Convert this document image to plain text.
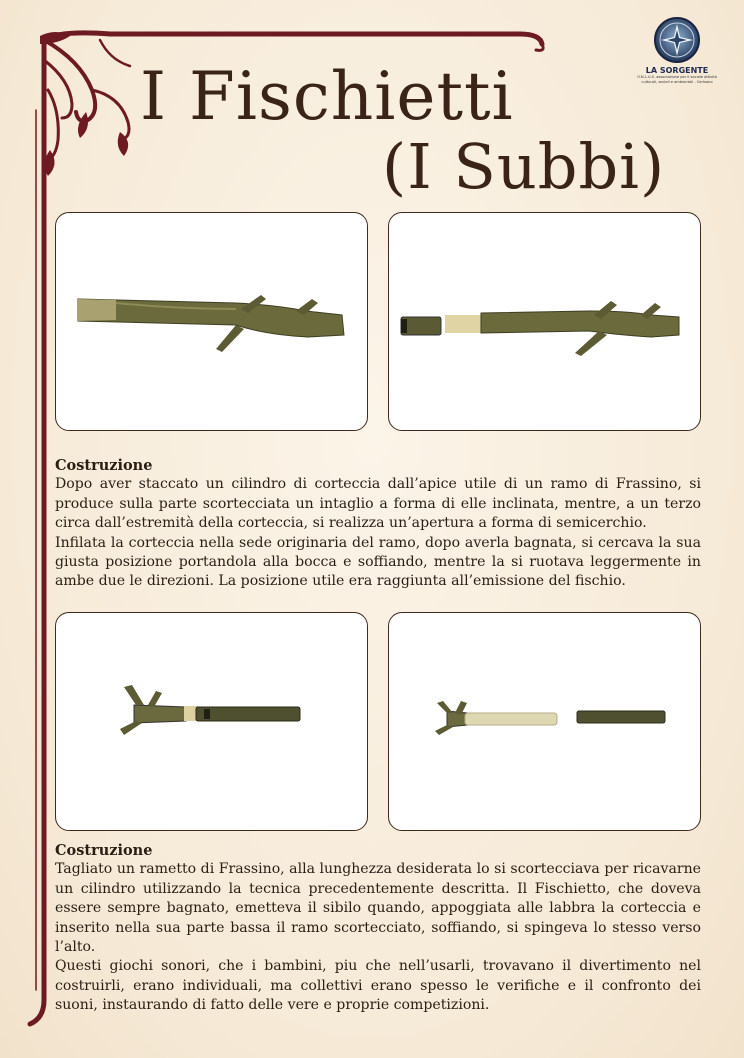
I Fischietti
(I Subbi)
LA SORGENTE
O.N.L.U.S. associazione per il sociale attività culturali, sociali e ambientali - Cerisano
Costruzione

Dopo aver staccato un cilindro di corteccia dall’apice utile di un ramo di Frassino, si produce sulla parte scortecciata un intaglio a forma di elle inclinata, mentre, a un terzo circa dall’estremità della corteccia, si realizza un’apertura a forma di semicerchio.

Infilata la corteccia nella sede originaria del ramo, dopo averla bagnata, si cercava la sua giusta posizione portandola alla bocca e soffiando, mentre la si ruotava leggermente in ambe due le direzioni. La posizione utile era raggiunta all’emissione del fischio.

Costruzione

Tagliato un rametto di Frassino, alla lunghezza desiderata lo si scortecciava per ricavarne un cilindro utilizzando la tecnica precedentemente descritta. Il Fischietto, che doveva essere sempre bagnato, emetteva il sibilo quando, appoggiata alle labbra la corteccia e inserito nella sua parte bassa il ramo scortecciato, soffiando, si spingeva lo stesso verso l’alto.

Questi giochi sonori, che i bambini, piu che nell’usarli, trovavano il divertimento nel costruirli, erano individuali, ma collettivi erano spesso le verifiche e il confronto dei suoni, instaurando di fatto delle vere e proprie competizioni.
